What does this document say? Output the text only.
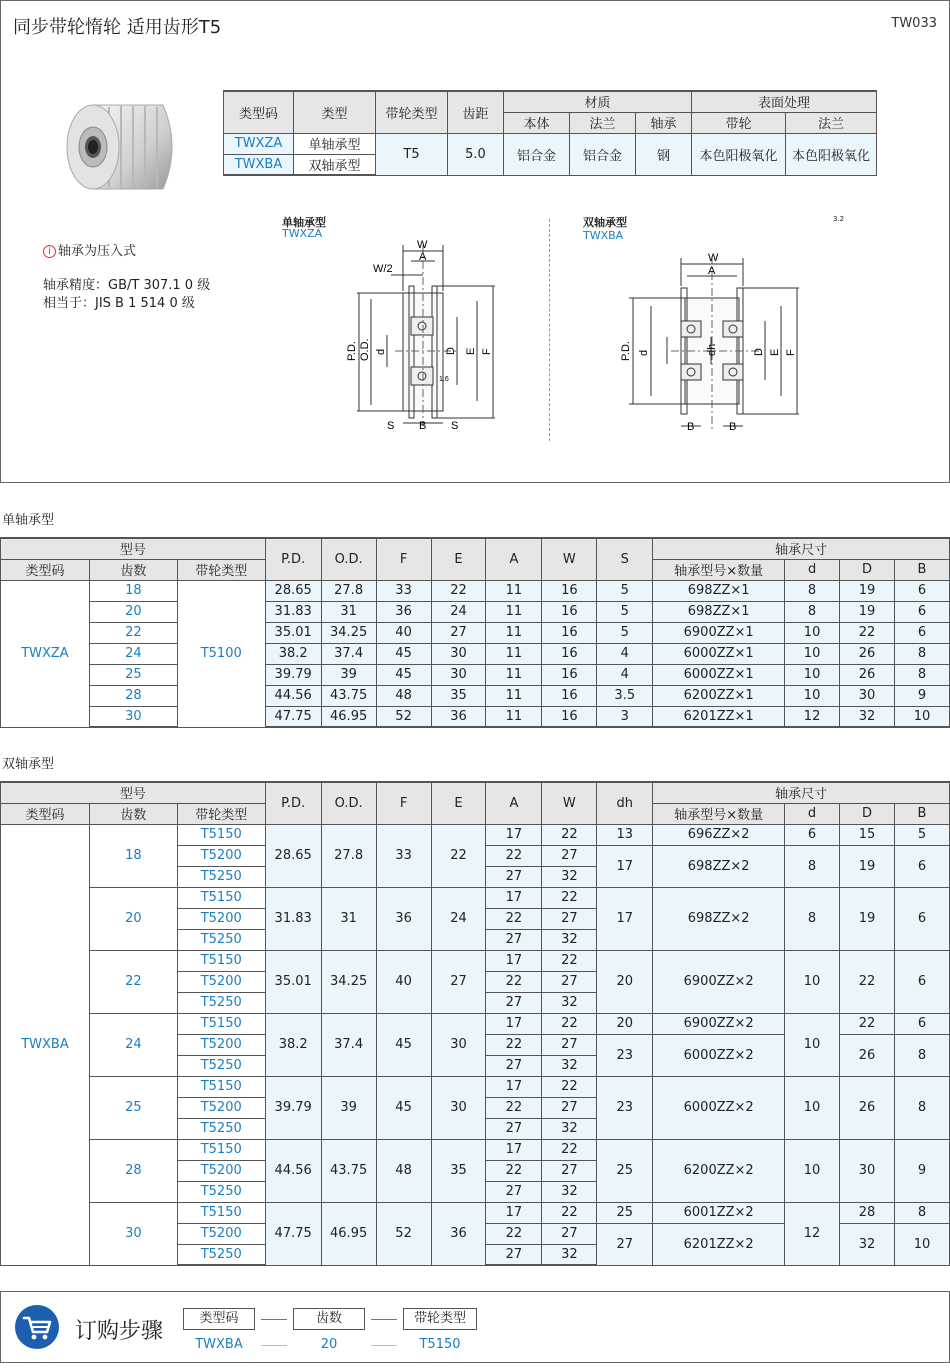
同步带轮惰轮 适用齿形T5	TW033
类型码	类型	带轮类型	齿距	材质			表面处理	
				本体	法兰	轴承	带轮	法兰
TWXZA	单轴承型	T5	5.0	铝合金	铝合金	钢	本色阳极氧化	本色阳极氧化
TWXBA	双轴承型							
i 轴承为压入式
轴承精度：GB/T 307.1 0 级
相当于：JIS B 1 514 0 级
单轴承型
TWXZA
W
A
W/2
P.D. O.D. d	D E F
S B S
1.6
双轴承型
TWXBA
3.2
W
A
P.D. d	dh	D E F
B	B
单轴承型
型号			P.D.	O.D.	F	E	A	W	S	轴承尺寸			
类型码	齿数	带轮类型								轴承型号×数量	d	D	B
TWXZA	18	T5100	28.65	27.8	33	22	11	16	5	698ZZ×1	8	19	6
	20		31.83	31	36	24	11	16	5	698ZZ×1	8	19	6
	22		35.01	34.25	40	27	11	16	5	6900ZZ×1	10	22	6
	24		38.2	37.4	45	30	11	16	4	6000ZZ×1	10	26	8
	25		39.79	39	45	30	11	16	4	6000ZZ×1	10	26	8
	28		44.56	43.75	48	35	11	16	3.5	6200ZZ×1	10	30	9
	30		47.75	46.95	52	36	11	16	3	6201ZZ×1	12	32	10
双轴承型
型号			P.D.	O.D.	F	E	A	W	dh	轴承尺寸			
类型码	齿数	带轮类型								轴承型号×数量	d	D	B
TWXBA	18	T5150	28.65	27.8	33	22	17	22	13	696ZZ×2	6	15	5
		T5200					22	27	17	698ZZ×2	8	19	6
		T5250					27	32					
	20	T5150	31.83	31	36	24	17	22	17	698ZZ×2	8	19	6
		T5200					22	27					
		T5250					27	32					
	22	T5150	35.01	34.25	40	27	17	22	20	6900ZZ×2	10	22	6
		T5200					22	27					
		T5250					27	32					
	24	T5150	38.2	37.4	45	30	17	22	20	6900ZZ×2	10	22	6
		T5200					22	27	23	6000ZZ×2		26	8
		T5250					27	32					
	25	T5150	39.79	39	45	30	17	22	23	6000ZZ×2	10	26	8
		T5200					22	27					
		T5250					27	32					
	28	T5150	44.56	43.75	48	35	17	22	25	6200ZZ×2	10	30	9
		T5200					22	27					
		T5250					27	32					
	30	T5150	47.75	46.95	52	36	17	22	25	6001ZZ×2	12	28	8
		T5200					22	27	27	6201ZZ×2		32	10
		T5250					27	32					
订购步骤
类型码	齿数	带轮类型
TWXBA	20	T5150
